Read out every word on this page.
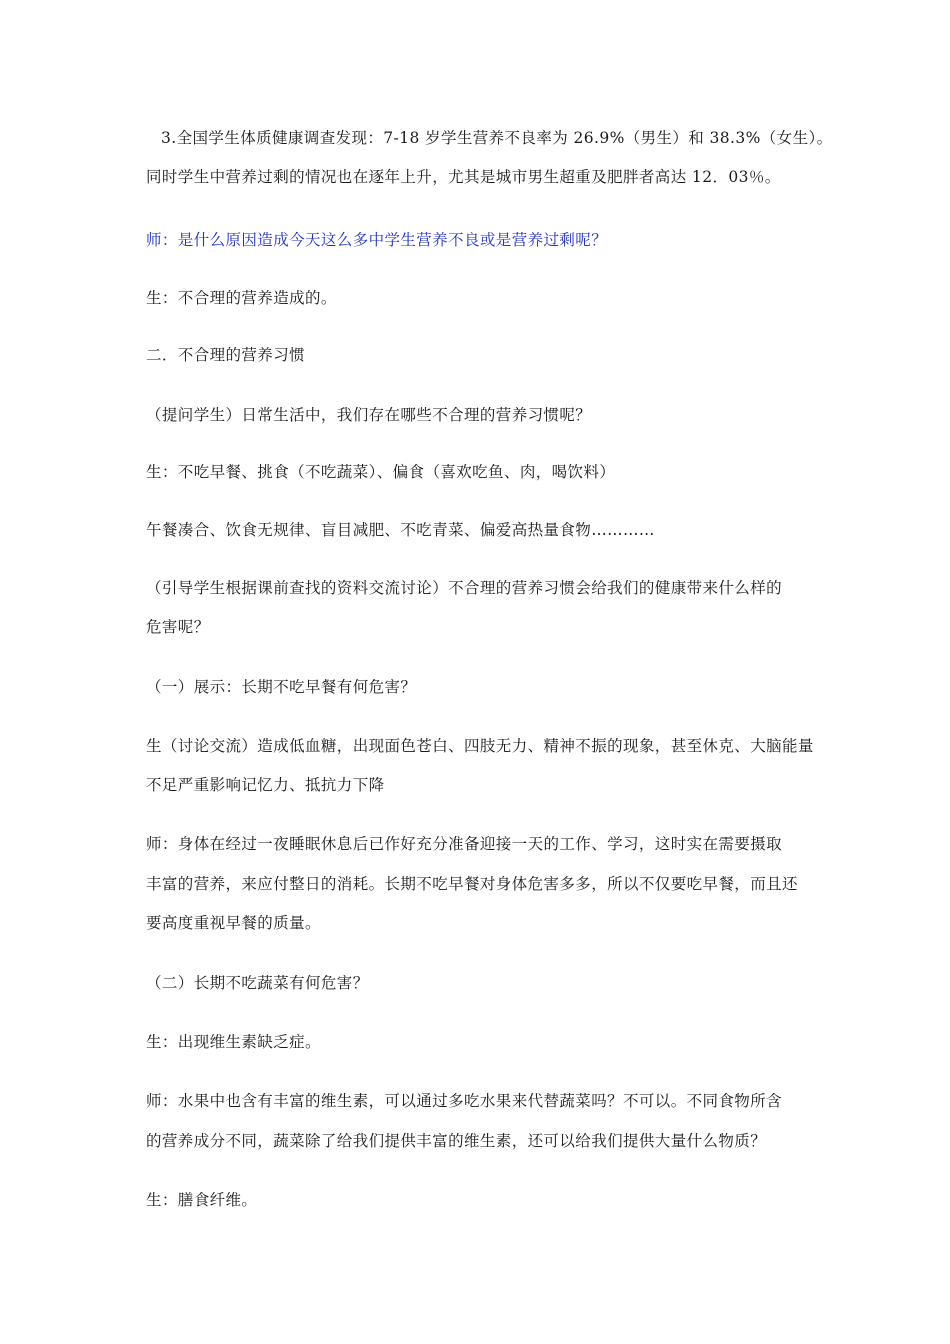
3.全国学生体质健康调查发现：7-18 岁学生营养不良率为 26.9%（男生）和 38.3%（女生）。
同时学生中营养过剩的情况也在逐年上升，尤其是城市男生超重及肥胖者高达 12．03％。
师：是什么原因造成今天这么多中学生营养不良或是营养过剩呢？
生：不合理的营养造成的。
二．不合理的营养习惯
（提问学生）日常生活中，我们存在哪些不合理的营养习惯呢？
生：不吃早餐、挑食（不吃蔬菜）、偏食（喜欢吃鱼、肉，喝饮料）
午餐凑合、饮食无规律、盲目减肥、不吃青菜、偏爱高热量食物…………
（引导学生根据课前查找的资料交流讨论）不合理的营养习惯会给我们的健康带来什么样的
危害呢？
（一）展示：长期不吃早餐有何危害？
生（讨论交流）造成低血糖，出现面色苍白、四肢无力、精神不振的现象，甚至休克、大脑能量
不足严重影响记忆力、抵抗力下降
师：身体在经过一夜睡眠休息后已作好充分准备迎接一天的工作、学习，这时实在需要摄取
丰富的营养，来应付整日的消耗。长期不吃早餐对身体危害多多，所以不仅要吃早餐，而且还
要高度重视早餐的质量。
（二）长期不吃蔬菜有何危害？
生：出现维生素缺乏症。
师：水果中也含有丰富的维生素，可以通过多吃水果来代替蔬菜吗？不可以。不同食物所含
的营养成分不同，蔬菜除了给我们提供丰富的维生素，还可以给我们提供大量什么物质？
生：膳食纤维。
